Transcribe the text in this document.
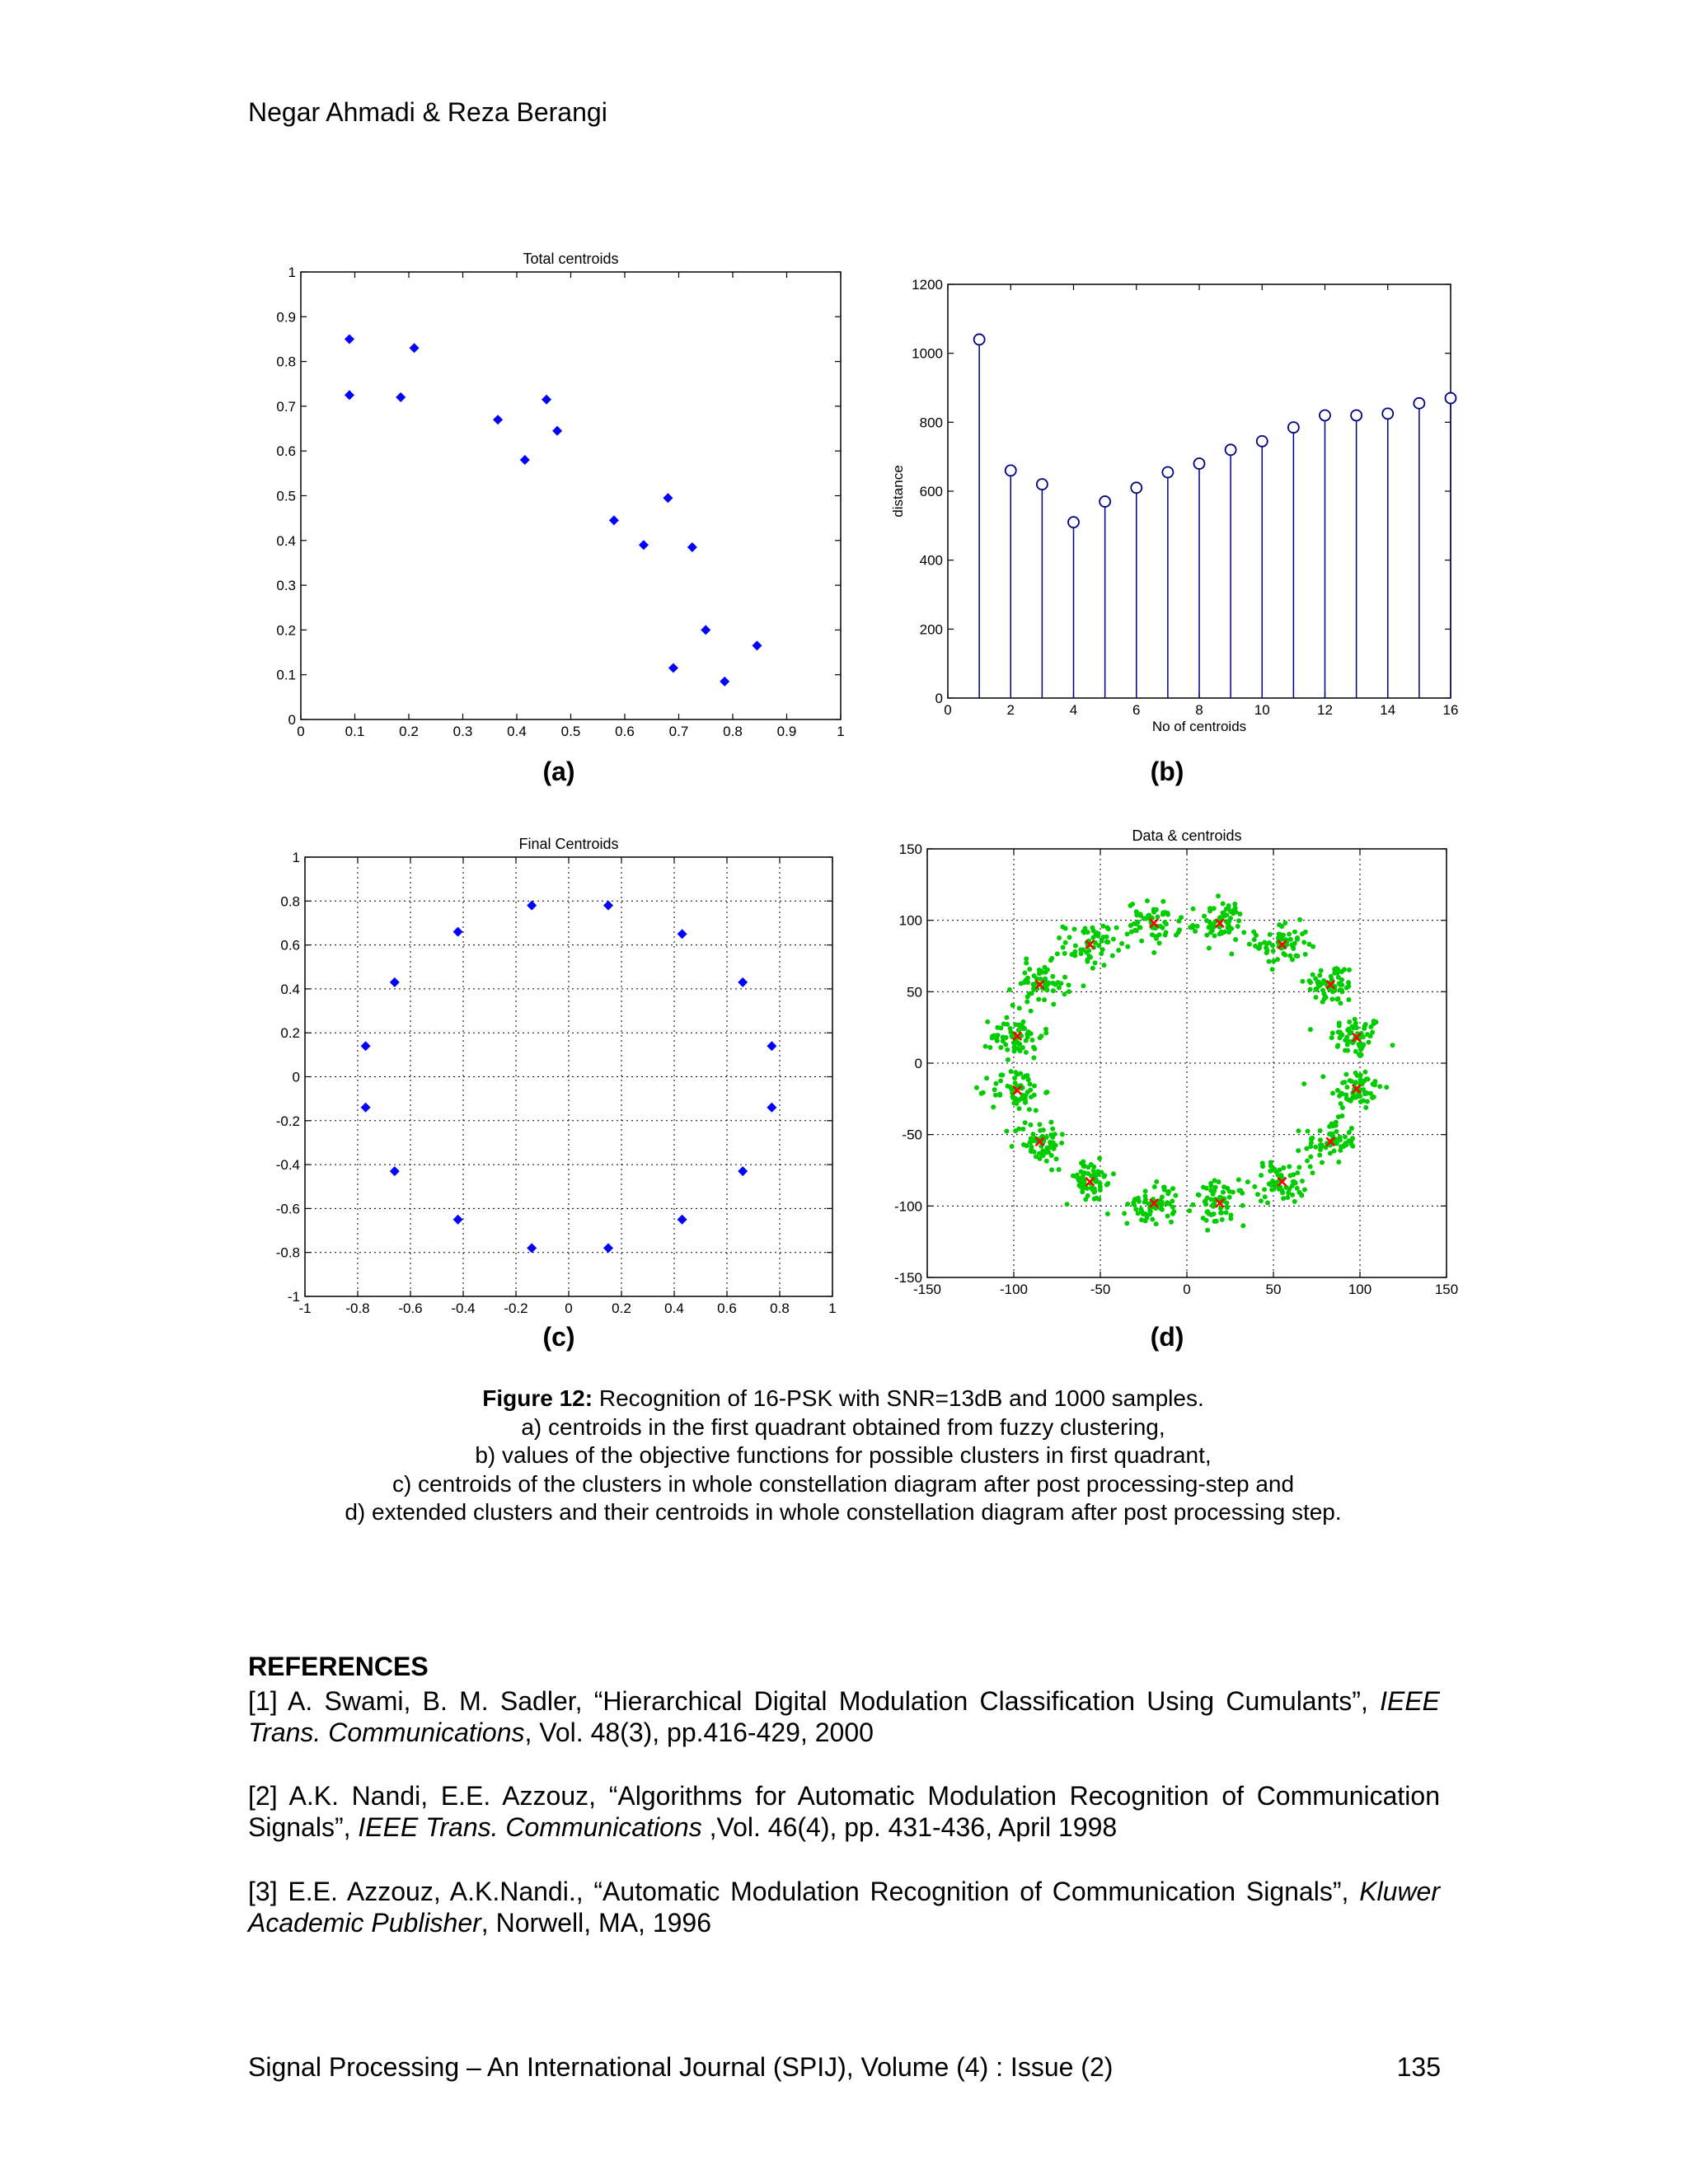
Negar Ahmadi & Reza Berangi
0	0.1 0.2 0.3 0.4 0.5 0.6 0.7 0.8 0.9	1
0
0.1
0.2
0.3
0.4
0.5
0.6
0.7
0.8
0.9
1
Total centroids
0	2	4	6	8	10	12	14	16
0
200
400
600
800
1000
1200
No of centroids
distance
-1 -0.8 -0.6 -0.4 -0.2	0	0.2 0.4 0.6 0.8	1
-1
-0.8
-0.6
-0.4
-0.2
0
0.2
0.4
0.6
0.8
1
Final Centroids
-150	-100	-50	0	50	100	150
-150
-100
-50
0
50
100
150
Data & centroids
(a)	(b)
(c)	(d)
Figure 12: Recognition of 16-PSK with SNR=13dB and 1000 samples.
a) centroids in the first quadrant obtained from fuzzy clustering,
b) values of the objective functions for possible clusters in first quadrant,
c) centroids of the clusters in whole constellation diagram after post processing-step and
d) extended clusters and their centroids in whole constellation diagram after post processing step.
REFERENCES
[1] A. Swami, B. M. Sadler, “Hierarchical Digital Modulation Classification Using Cumulants”, IEEE Trans. Communications, Vol. 48(3), pp.416-429, 2000
[2] A.K. Nandi, E.E. Azzouz, “Algorithms for Automatic Modulation Recognition of Communication Signals”, IEEE Trans. Communications ,Vol. 46(4), pp. 431-436, April 1998
[3] E.E. Azzouz, A.K.Nandi., “Automatic Modulation Recognition of Communication Signals”, Kluwer Academic Publisher, Norwell, MA, 1996
Signal Processing – An International Journal (SPIJ), Volume (4) : Issue (2)	135
